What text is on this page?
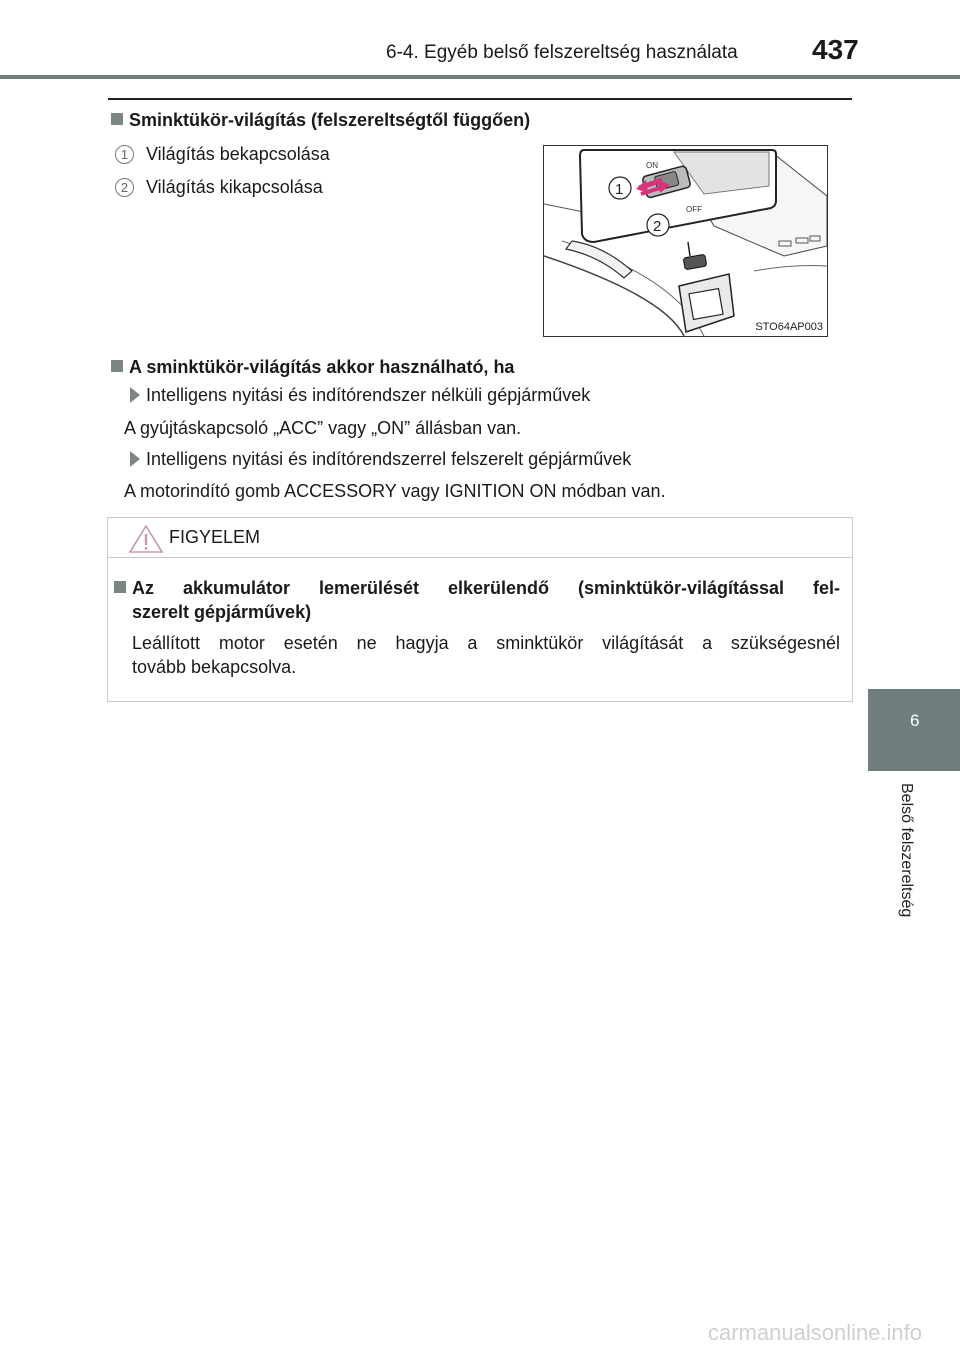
6-4. Egyéb belső felszereltség használata	437
Sminktükör-világítás (felszereltségtől függően)
1 Világítás bekapcsolása
2 Világítás kikapcsolása
ON
OFF
1
2
STO64AP003
A sminktükör-világítás akkor használható, ha
Intelligens nyitási és indítórendszer nélküli gépjárművek
A gyújtáskapcsoló „ACC” vagy „ON” állásban van.
Intelligens nyitási és indítórendszerrel felszerelt gépjárművek
A motorindító gomb ACCESSORY vagy IGNITION ON módban van.
FIGYELEM
Az akkumulátor lemerülését elkerülendő (sminktükör-világítással fel-
szerelt gépjárművek)
Leállított motor esetén ne hagyja a sminktükör világítását a szükségesnél
tovább bekapcsolva.
6
Belső felszereltség
carmanualsonline.info
